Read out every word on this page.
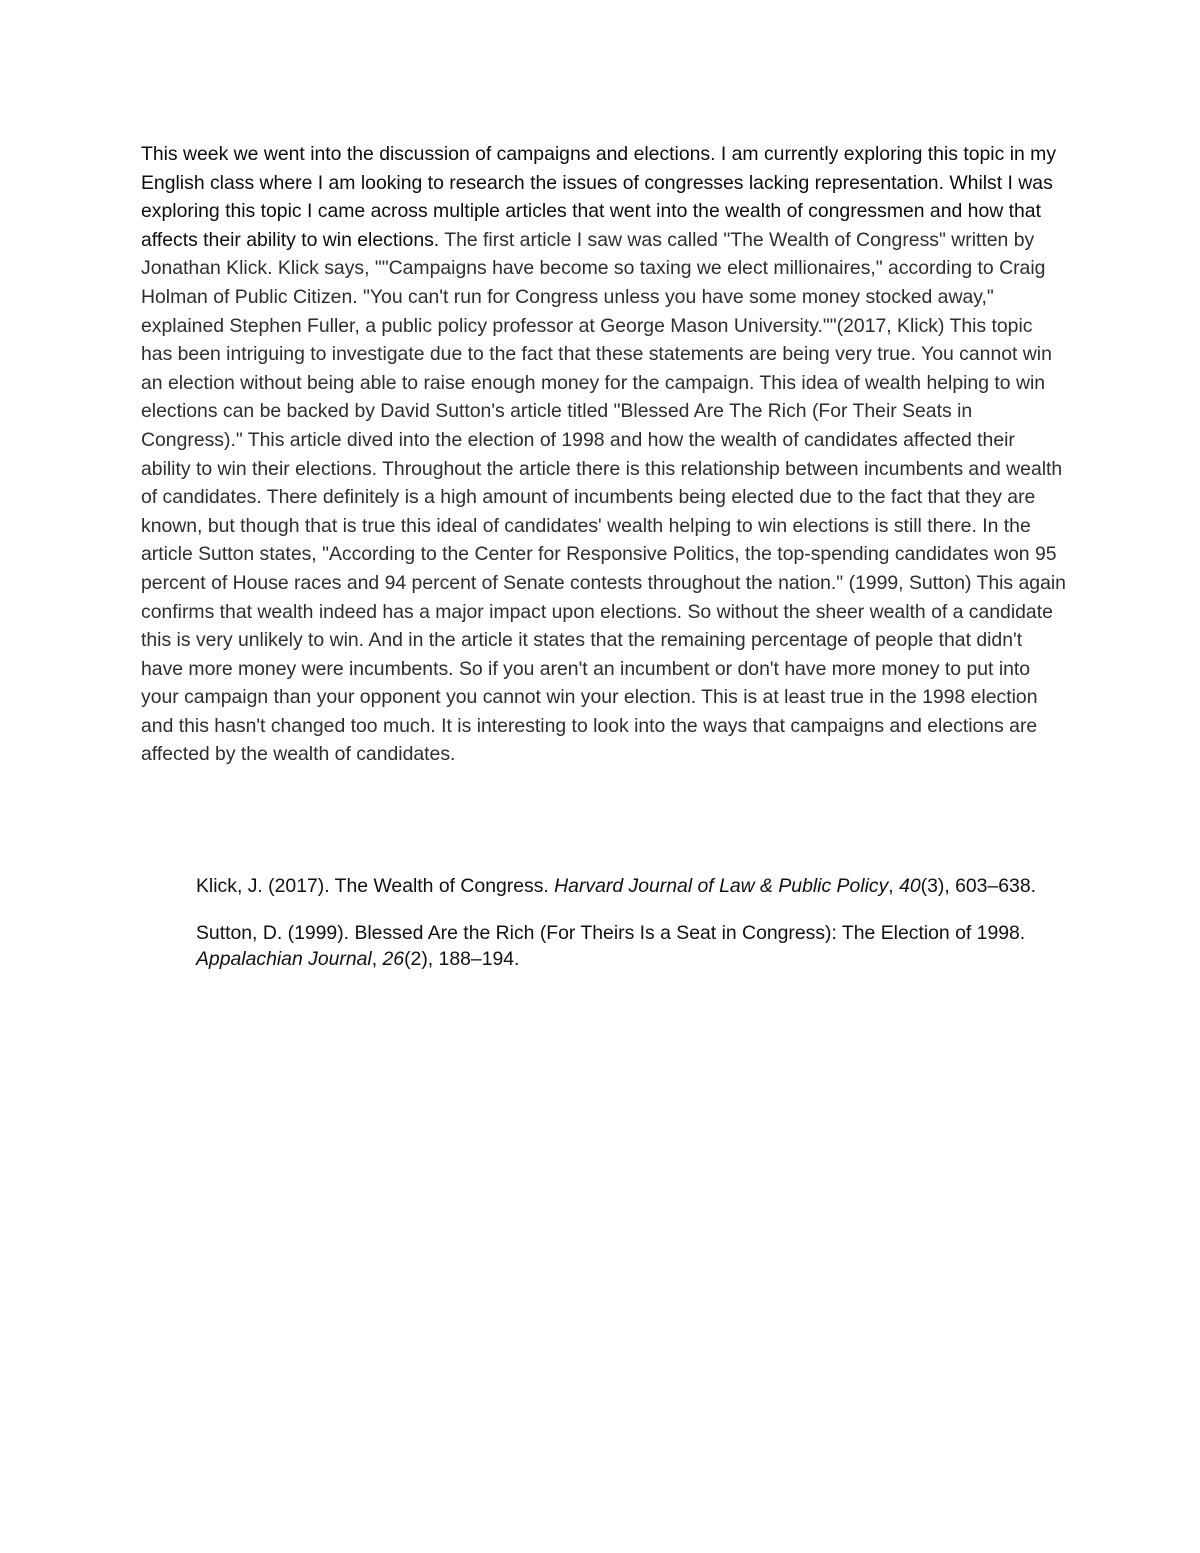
This week we went into the discussion of campaigns and elections. I am currently exploring this topic in my English class where I am looking to research the issues of congresses lacking representation. Whilst I was exploring this topic I came across multiple articles that went into the wealth of congressmen and how that affects their ability to win elections. The first article I saw was called "The Wealth of Congress" written by Jonathan Klick. Klick says, ""Campaigns have become so taxing we elect millionaires," according to Craig Holman of Public Citizen. "You can't run for Congress unless you have some money stocked away," explained Stephen Fuller, a public policy professor at George Mason University.""(2017, Klick) This topic has been intriguing to investigate due to the fact that these statements are being very true. You cannot win an election without being able to raise enough money for the campaign. This idea of wealth helping to win elections can be backed by David Sutton's article titled "Blessed Are The Rich (For Their Seats in Congress)." This article dived into the election of 1998 and how the wealth of candidates affected their ability to win their elections. Throughout the article there is this relationship between incumbents and wealth of candidates. There definitely is a high amount of incumbents being elected due to the fact that they are known, but though that is true this ideal of candidates' wealth helping to win elections is still there. In the article Sutton states, "According to the Center for Responsive Politics, the top-spending candidates won 95 percent of House races and 94 percent of Senate contests throughout the nation." (1999, Sutton) This again confirms that wealth indeed has a major impact upon elections. So without the sheer wealth of a candidate this is very unlikely to win. And in the article it states that the remaining percentage of people that didn't have more money were incumbents. So if you aren't an incumbent or don't have more money to put into your campaign than your opponent you cannot win your election. This is at least true in the 1998 election and this hasn't changed too much. It is interesting to look into the ways that campaigns and elections are affected by the wealth of candidates.

Klick, J. (2017). The Wealth of Congress. Harvard Journal of Law & Public Policy, 40(3), 603–638.

Sutton, D. (1999). Blessed Are the Rich (For Theirs Is a Seat in Congress): The Election of 1998. Appalachian Journal, 26(2), 188–194.
